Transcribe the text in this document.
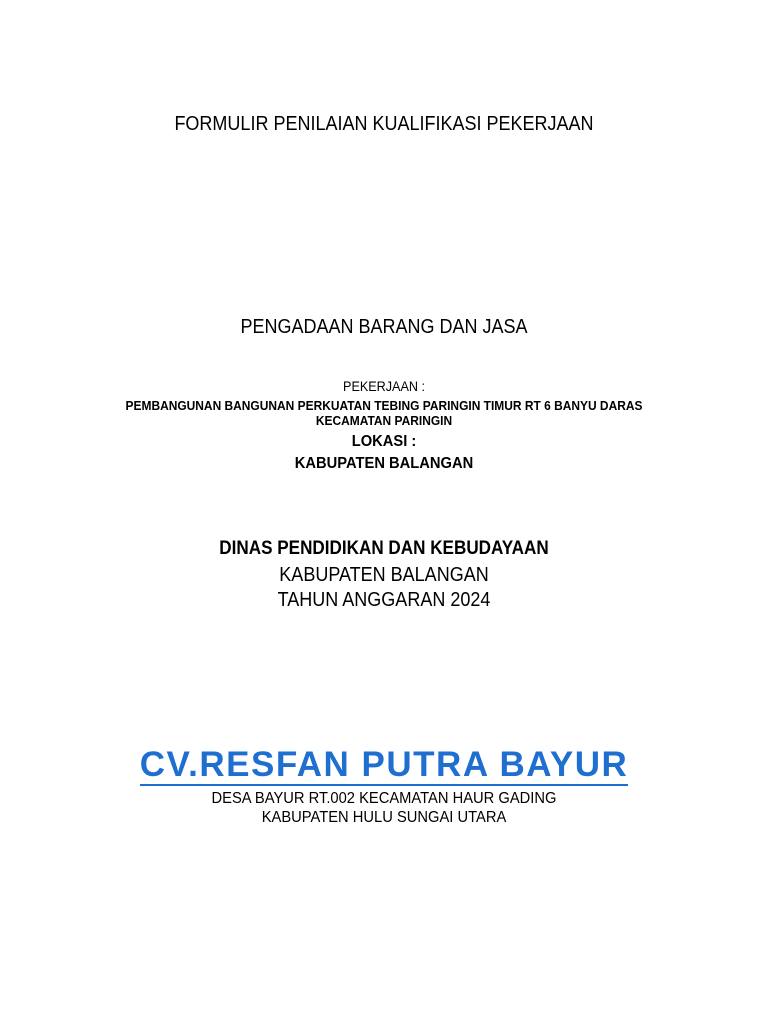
FORMULIR PENILAIAN KUALIFIKASI PEKERJAAN
PENGADAAN BARANG DAN JASA
PEKERJAAN :
PEMBANGUNAN BANGUNAN PERKUATAN TEBING PARINGIN TIMUR RT 6 BANYU DARAS KECAMATAN PARINGIN
LOKASI :
KABUPATEN BALANGAN
DINAS PENDIDIKAN DAN KEBUDAYAAN
KABUPATEN BALANGAN
TAHUN ANGGARAN 2024
CV.RESFAN PUTRA BAYUR
DESA BAYUR RT.002 KECAMATAN HAUR GADING
KABUPATEN HULU SUNGAI UTARA
